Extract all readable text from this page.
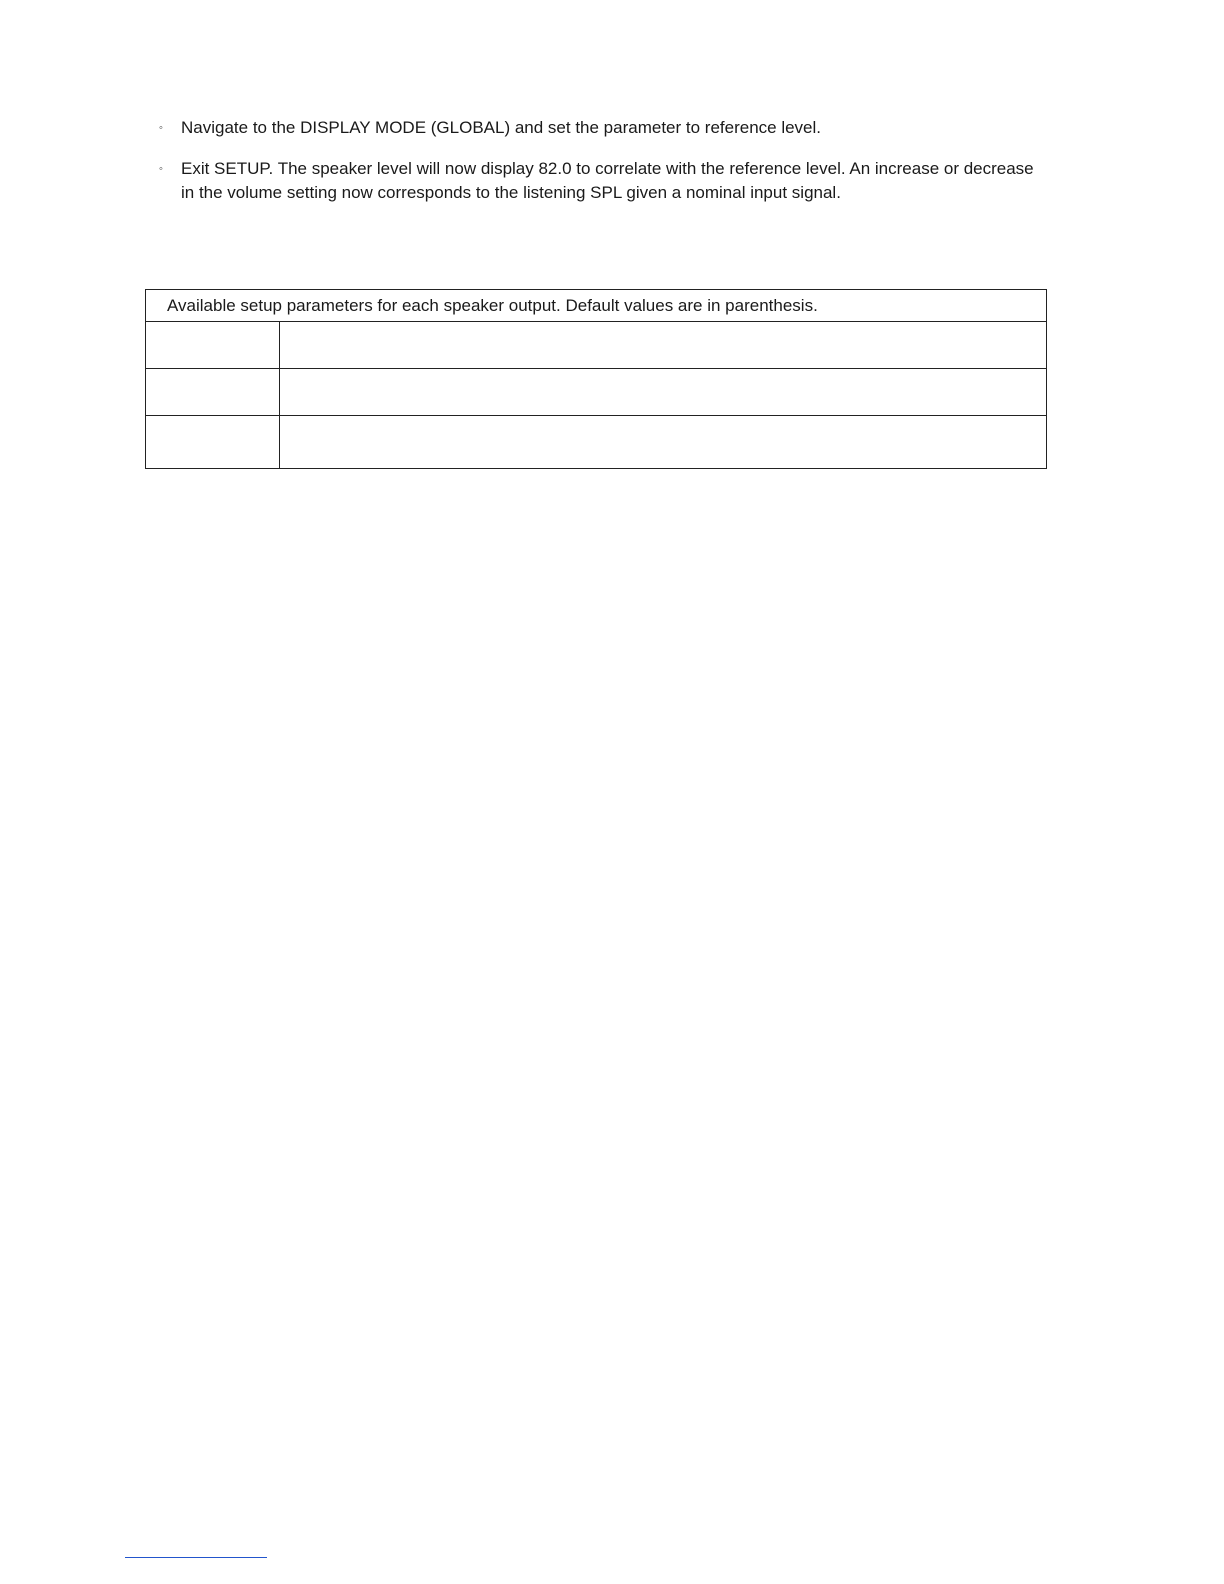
◦ Navigate to the DISPLAY MODE (GLOBAL) and set the parameter to reference level.
◦ Exit SETUP. The speaker level will now display 82.0 to correlate with the reference level. An increase or decrease in the volume setting now corresponds to the listening SPL given a nominal input signal.
Available setup parameters for each speaker output. Default values are in parenthesis.	
